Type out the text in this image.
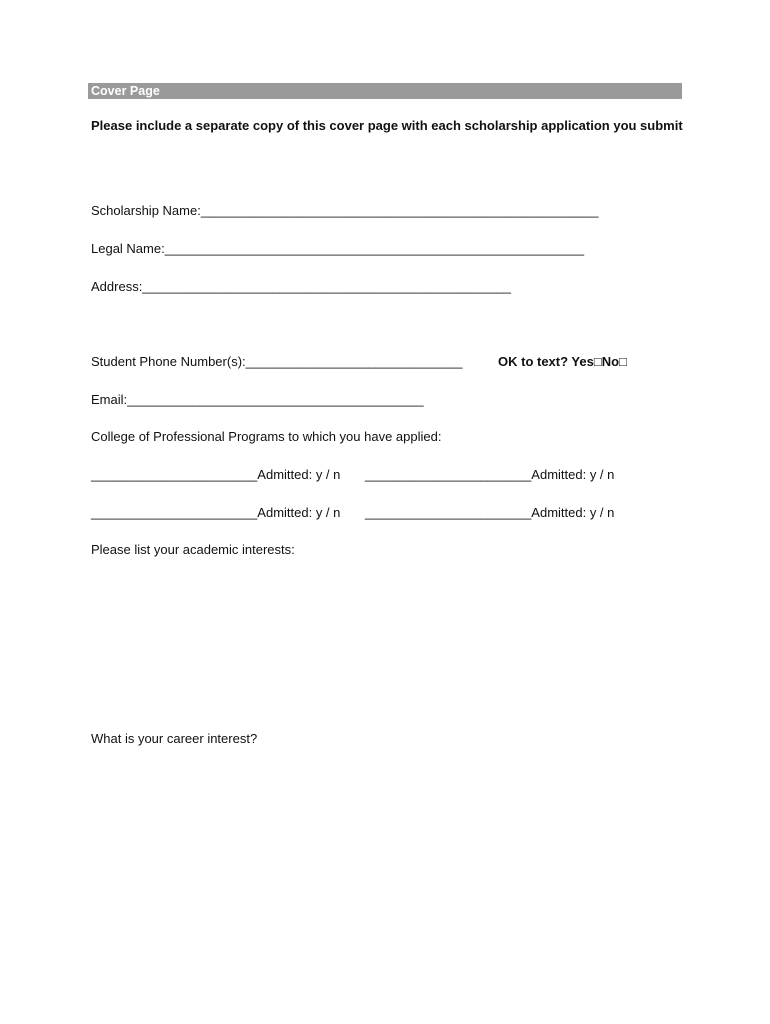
Cover Page
Please include a separate copy of this cover page with each scholarship application you submit
Scholarship Name:_______________________________________________________
Legal Name:__________________________________________________________
Address:___________________________________________________
Student Phone Number(s):______________________________	OK to text? Yes□No□
Email:_________________________________________
College of Professional Programs to which you have applied:
_______________________Admitted: y / n _______________________Admitted: y / n
_______________________Admitted: y / n _______________________Admitted: y / n
Please list your academic interests:
What is your career interest?
